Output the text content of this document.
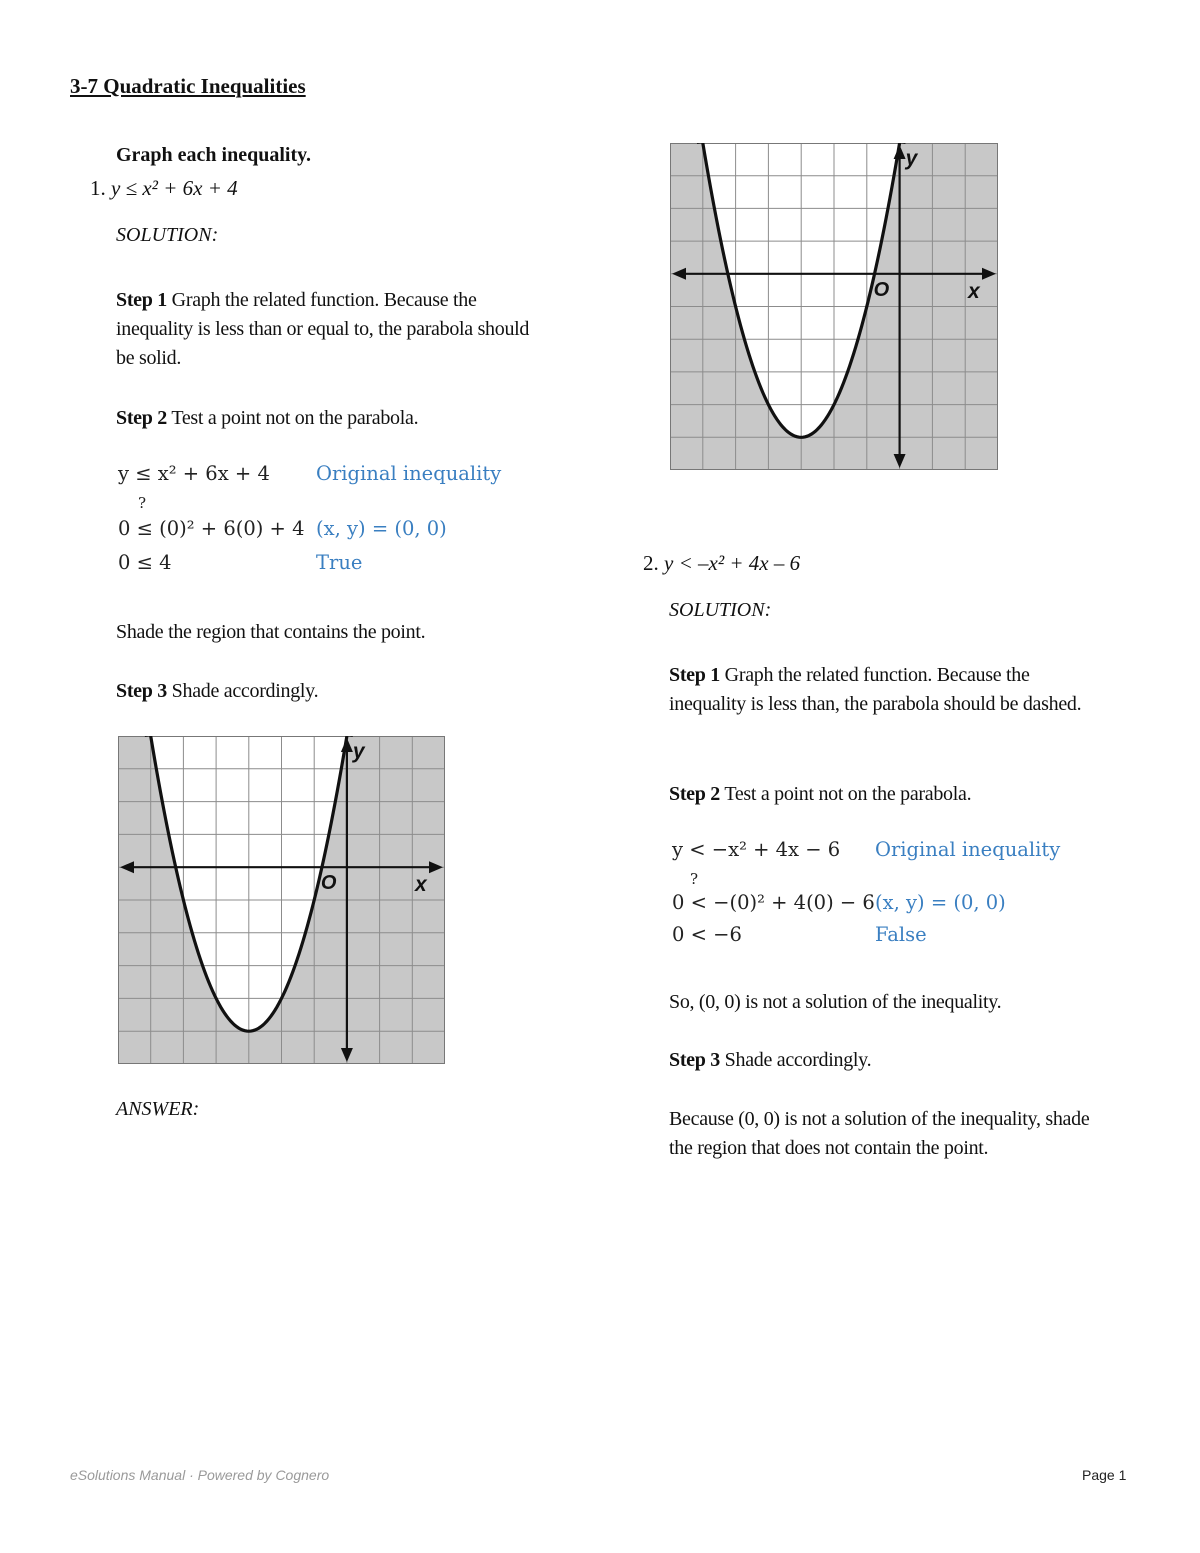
3-7 Quadratic Inequalities
Graph each inequality.
1. y ≤ x² + 6x + 4
SOLUTION:
Step 1 Graph the related function. Because the inequality is less than or equal to, the parabola should be solid.
Step 2 Test a point not on the parabola.
y ≤ x² + 6x + 4 Original inequality
?
0 ≤ (0)² + 6(0) + 4 (x, y) = (0, 0)
0 ≤ 4	True
Shade the region that contains the point.
Step 3 Shade accordingly.
O	x
y
ANSWER:
O	x
y
2. y < –x² + 4x – 6
SOLUTION:
Step 1 Graph the related function. Because the inequality is less than, the parabola should be dashed.
Step 2 Test a point not on the parabola.
y < −x² + 4x − 6 Original inequality
?
0 < −(0)² + 4(0) − 6 (x, y) = (0, 0)
0 < −6	False
So, (0, 0) is not a solution of the inequality.
Step 3 Shade accordingly.
Because (0, 0) is not a solution of the inequality, shade the region that does not contain the point.
eSolutions Manual · Powered by Cognero	Page 1
